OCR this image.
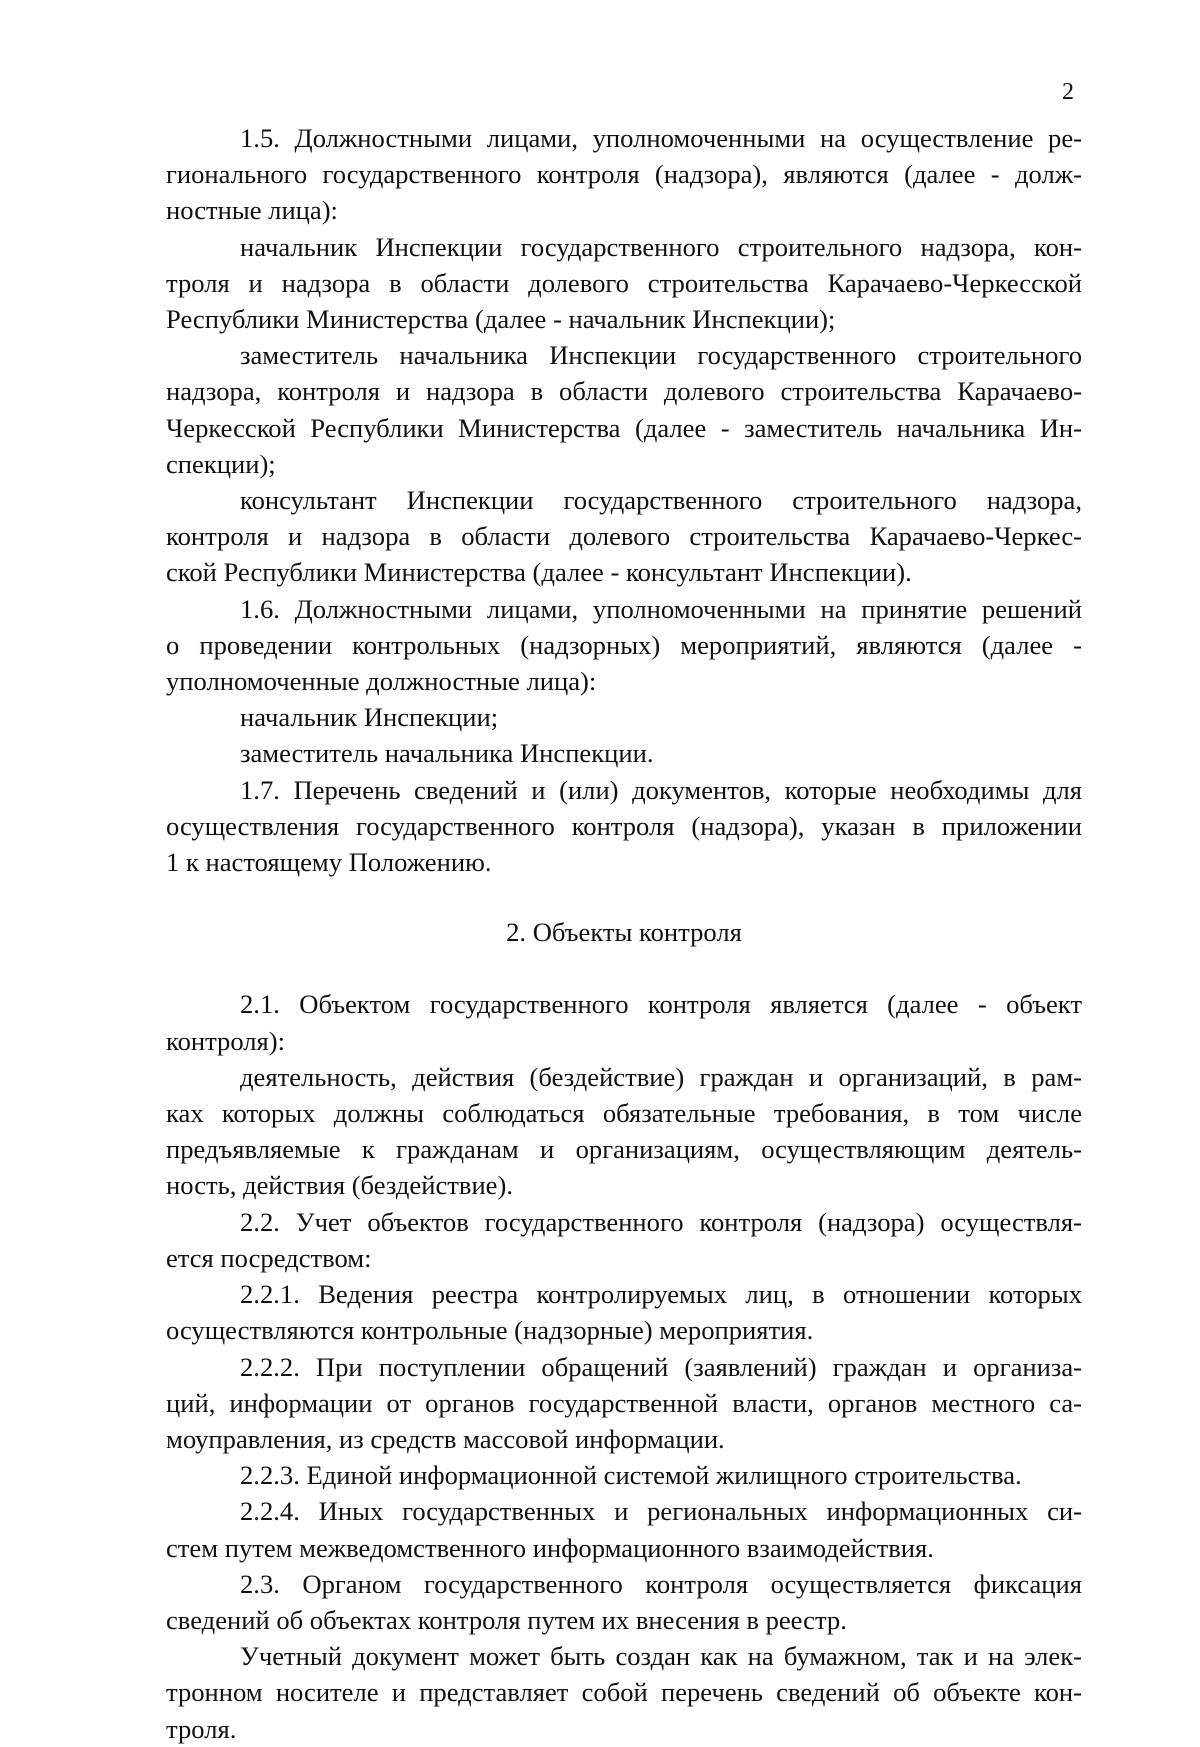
2
1.5. Должностными лицами, уполномоченными на осуществление ре-
гионального государственного контроля (надзора), являются (далее - долж-
ностные лица):
начальник Инспекции государственного строительного надзора, кон-
троля и надзора в области долевого строительства Карачаево-Черкесской
Республики Министерства (далее - начальник Инспекции);
заместитель начальника Инспекции государственного строительного
надзора, контроля и надзора в области долевого строительства Карачаево-
Черкесской Республики Министерства (далее - заместитель начальника Ин-
спекции);
консультант Инспекции государственного строительного надзора,
контроля и надзора в области долевого строительства Карачаево-Черкес-
ской Республики Министерства (далее - консультант Инспекции).
1.6. Должностными лицами, уполномоченными на принятие решений
о проведении контрольных (надзорных) мероприятий, являются (далее -
уполномоченные должностные лица):
начальник Инспекции;
заместитель начальника Инспекции.
1.7. Перечень сведений и (или) документов, которые необходимы для
осуществления государственного контроля (надзора), указан в приложении
1 к настоящему Положению.
2. Объекты контроля
2.1. Объектом государственного контроля является (далее - объект
контроля):
деятельность, действия (бездействие) граждан и организаций, в рам-
ках которых должны соблюдаться обязательные требования, в том числе
предъявляемые к гражданам и организациям, осуществляющим деятель-
ность, действия (бездействие).
2.2. Учет объектов государственного контроля (надзора) осуществля-
ется посредством:
2.2.1. Ведения реестра контролируемых лиц, в отношении которых
осуществляются контрольные (надзорные) мероприятия.
2.2.2. При поступлении обращений (заявлений) граждан и организа-
ций, информации от органов государственной власти, органов местного са-
моуправления, из средств массовой информации.
2.2.3. Единой информационной системой жилищного строительства.
2.2.4. Иных государственных и региональных информационных си-
стем путем межведомственного информационного взаимодействия.
2.3. Органом государственного контроля осуществляется фиксация
сведений об объектах контроля путем их внесения в реестр.
Учетный документ может быть создан как на бумажном, так и на элек-
тронном носителе и представляет собой перечень сведений об объекте кон-
троля.
